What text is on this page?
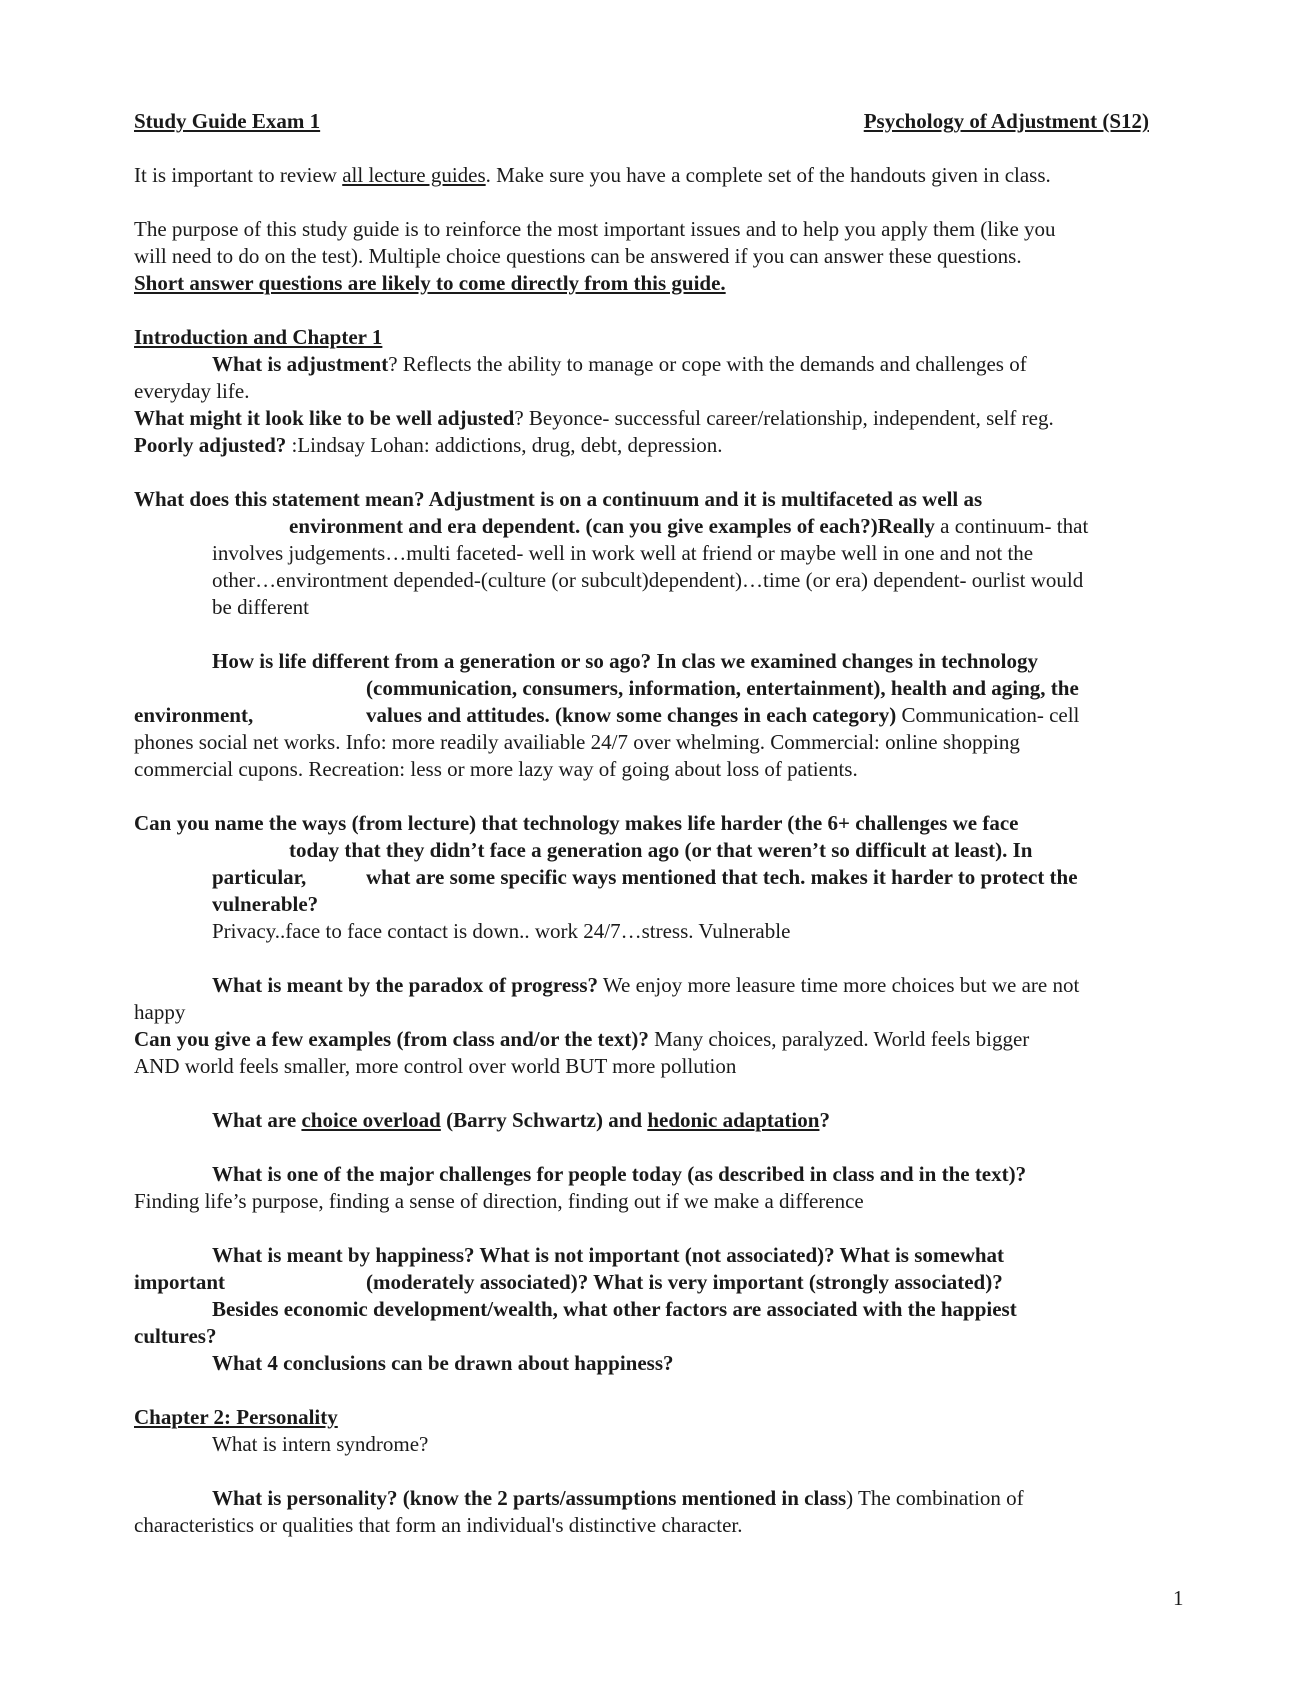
Study Guide Exam 1	Psychology of Adjustment (S12)

It is important to review all lecture guides. Make sure you have a complete set of the handouts given in class.

The purpose of this study guide is to reinforce the most important issues and to help you apply them (like you

will need to do on the test). Multiple choice questions can be answered if you can answer these questions.

Short answer questions are likely to come directly from this guide.

Introduction and Chapter 1

What is adjustment? Reflects the ability to manage or cope with the demands and challenges of

everyday life.

What might it look like to be well adjusted? Beyonce- successful career/relationship, independent, self reg.

Poorly adjusted? :Lindsay Lohan: addictions, drug, debt, depression.

What does this statement mean? Adjustment is on a continuum and it is multifaceted as well as

environment and era dependent. (can you give examples of each?)Really a continuum- that

involves judgements…multi faceted- well in work well at friend or maybe well in one and not the

other…environtment depended-(culture (or subcult)dependent)…time (or era) dependent- ourlist would

be different

How is life different from a generation or so ago? In clas we examined changes in technology

(communication, consumers, information, entertainment), health and aging, the

environment,	values and attitudes. (know some changes in each category) Communication- cell

phones social net works. Info: more readily availiable 24/7 over whelming. Commercial: online shopping

commercial cupons. Recreation: less or more lazy way of going about loss of patients.

Can you name the ways (from lecture) that technology makes life harder (the 6+ challenges we face

today that they didn’t face a generation ago (or that weren’t so difficult at least). In

particular,	what are some specific ways mentioned that tech. makes it harder to protect the

vulnerable?

Privacy..face to face contact is down.. work 24/7…stress. Vulnerable

What is meant by the paradox of progress? We enjoy more leasure time more choices but we are not

happy

Can you give a few examples (from class and/or the text)? Many choices, paralyzed. World feels bigger

AND world feels smaller, more control over world BUT more pollution

What are choice overload (Barry Schwartz) and hedonic adaptation?

What is one of the major challenges for people today (as described in class and in the text)?

Finding life’s purpose, finding a sense of direction, finding out if we make a difference

What is meant by happiness? What is not important (not associated)? What is somewhat

important	(moderately associated)? What is very important (strongly associated)?

Besides economic development/wealth, what other factors are associated with the happiest

cultures?

What 4 conclusions can be drawn about happiness?

Chapter 2: Personality

What is intern syndrome?

What is personality? (know the 2 parts/assumptions mentioned in class) The combination of

characteristics or qualities that form an individual's distinctive character.

1
